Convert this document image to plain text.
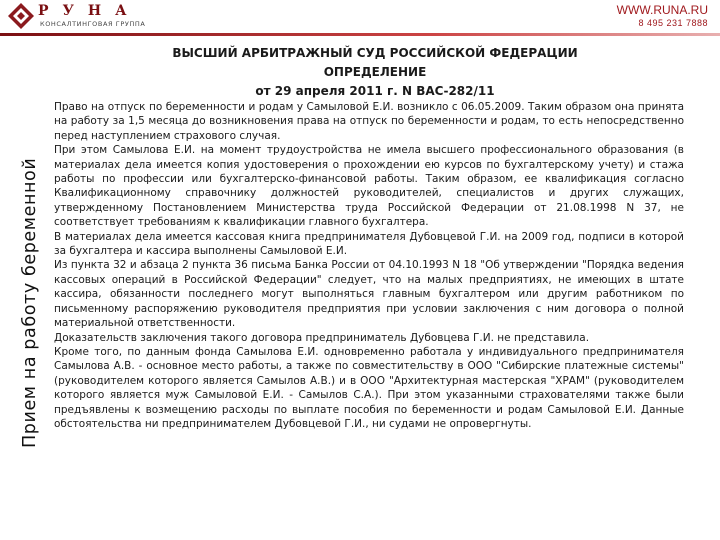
РУНА
КОНСАЛТИНГОВАЯ ГРУППА
WWW.RUNA.RU
8 495 231 7888
Прием на работу беременной
ВЫСШИЙ АРБИТРАЖНЫЙ СУД РОССИЙСКОЙ ФЕДЕРАЦИИ
ОПРЕДЕЛЕНИЕ
от 29 апреля 2011 г. N ВАС-282/11

Право на отпуск по беременности и родам у Самыловой Е.И. возникло с 06.05.2009. Таким образом она принята на работу за 1,5 месяца до возникновения права на отпуск по беременности и родам, то есть непосредственно перед наступлением страхового случая.

При этом Самылова Е.И. на момент трудоустройства не имела высшего профессионального образования (в материалах дела имеется копия удостоверения о прохождении ею курсов по бухгалтерскому учету) и стажа работы по профессии или бухгалтерско-финансовой работы. Таким образом, ее квалификация согласно Квалификационному справочнику должностей руководителей, специалистов и других служащих, утвержденному Постановлением Министерства труда Российской Федерации от 21.08.1998 N 37, не соответствует требованиям к квалификации главного бухгалтера.

В материалах дела имеется кассовая книга предпринимателя Дубовцевой Г.И. на 2009 год, подписи в которой за бухгалтера и кассира выполнены Самыловой Е.И.

Из пункта 32 и абзаца 2 пункта 36 письма Банка России от 04.10.1993 N 18 "Об утверждении "Порядка ведения кассовых операций в Российской Федерации" следует, что на малых предприятиях, не имеющих в штате кассира, обязанности последнего могут выполняться главным бухгалтером или другим работником по письменному распоряжению руководителя предприятия при условии заключения с ним договора о полной материальной ответственности.

Доказательств заключения такого договора предприниматель Дубовцева Г.И. не представила.

Кроме того, по данным фонда Самылова Е.И. одновременно работала у индивидуального предпринимателя Самылова А.В. - основное место работы, а также по совместительству в ООО "Сибирские платежные системы" (руководителем которого является Самылов А.В.) и в ООО "Архитектурная мастерская "ХРАМ" (руководителем которого является муж Самыловой Е.И. - Самылов С.А.). При этом указанными страхователями также были предъявлены к возмещению расходы по выплате пособия по беременности и родам Самыловой Е.И. Данные обстоятельства ни предпринимателем Дубовцевой Г.И., ни судами не опровергнуты.
